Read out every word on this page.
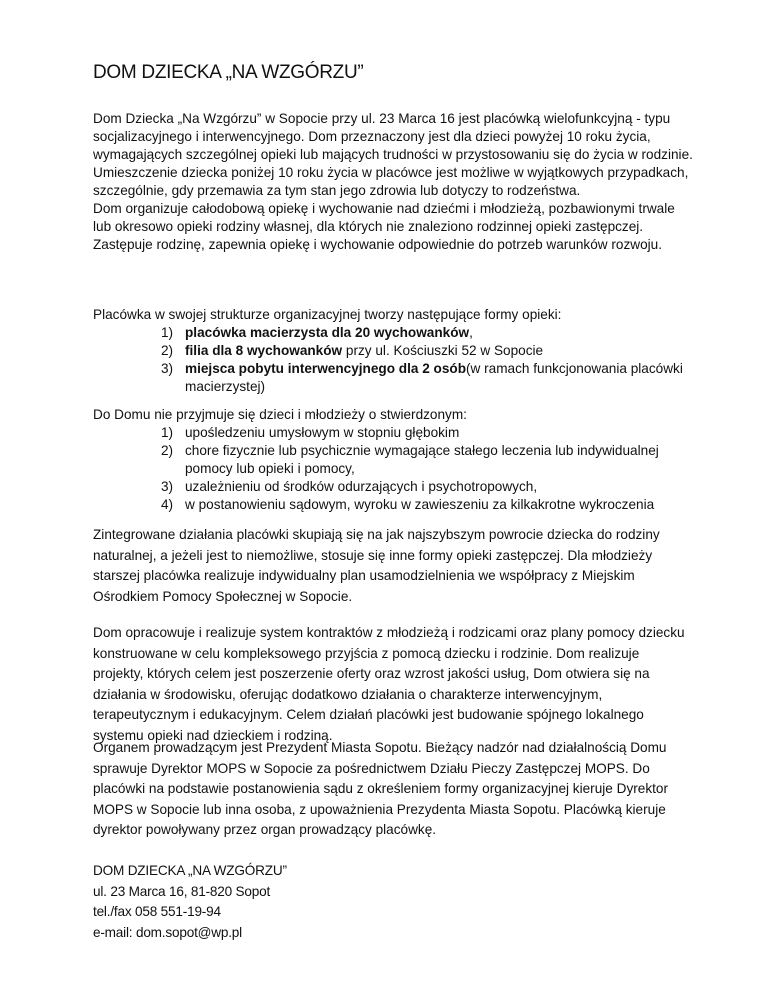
DOM DZIECKA „NA WZGÓRZU”

Dom Dziecka „Na Wzgórzu” w Sopocie przy ul. 23 Marca 16 jest placówką wielofunkcyjną - typu socjalizacyjnego i interwencyjnego. Dom przeznaczony jest dla dzieci powyżej 10 roku życia, wymagających szczególnej opieki lub mających trudności w przystosowaniu się do życia w rodzinie. Umieszczenie dziecka poniżej 10 roku życia w placówce jest możliwe w wyjątkowych przypadkach, szczególnie, gdy przemawia za tym stan jego zdrowia lub dotyczy to rodzeństwa.

Dom organizuje całodobową opiekę i wychowanie nad dziećmi i młodzieżą, pozbawionymi trwale lub okresowo opieki rodziny własnej, dla których nie znaleziono rodzinnej opieki zastępczej. Zastępuje rodzinę, zapewnia opiekę i wychowanie odpowiednie do potrzeb warunków rozwoju.

Placówka w swojej strukturze organizacyjnej tworzy następujące formy opieki:

1) placówka macierzysta dla 20 wychowanków,
2) filia dla 8 wychowanków przy ul. Kościuszki 52 w Sopocie
3) miejsca pobytu interwencyjnego dla 2 osób(w ramach funkcjonowania placówki macierzystej)

Do Domu nie przyjmuje się dzieci i młodzieży o stwierdzonym:

1) upośledzeniu umysłowym w stopniu głębokim
2) chore fizycznie lub psychicznie wymagające stałego leczenia lub indywidualnej pomocy lub opieki i pomocy,
3) uzależnieniu od środków odurzających i psychotropowych,
4) w postanowieniu sądowym, wyroku w zawieszeniu za kilkakrotne wykroczenia

Zintegrowane działania placówki skupiają się na jak najszybszym powrocie dziecka do rodziny naturalnej, a jeżeli jest to niemożliwe, stosuje się inne formy opieki zastępczej. Dla młodzieży starszej placówka realizuje indywidualny plan usamodzielnienia we współpracy z Miejskim Ośrodkiem Pomocy Społecznej w Sopocie.

Dom opracowuje i realizuje system kontraktów z młodzieżą i rodzicami oraz plany pomocy dziecku konstruowane w celu kompleksowego przyjścia z pomocą dziecku i rodzinie. Dom realizuje projekty, których celem jest poszerzenie oferty oraz wzrost jakości usług, Dom otwiera się na działania w środowisku, oferując dodatkowo działania o charakterze interwencyjnym, terapeutycznym i edukacyjnym. Celem działań placówki jest budowanie spójnego lokalnego systemu opieki nad dzieckiem i rodziną.

Organem prowadzącym jest Prezydent Miasta Sopotu. Bieżący nadzór nad działalnością Domu sprawuje Dyrektor MOPS w Sopocie za pośrednictwem Działu Pieczy Zastępczej MOPS. Do placówki na podstawie postanowienia sądu z określeniem formy organizacyjnej kieruje Dyrektor MOPS w Sopocie lub inna osoba, z upoważnienia Prezydenta Miasta Sopotu. Placówką kieruje dyrektor powoływany przez organ prowadzący placówkę.

DOM DZIECKA „NA WZGÓRZU”
ul. 23 Marca 16, 81-820 Sopot
tel./fax 058 551-19-94
e-mail: dom.sopot@wp.pl
